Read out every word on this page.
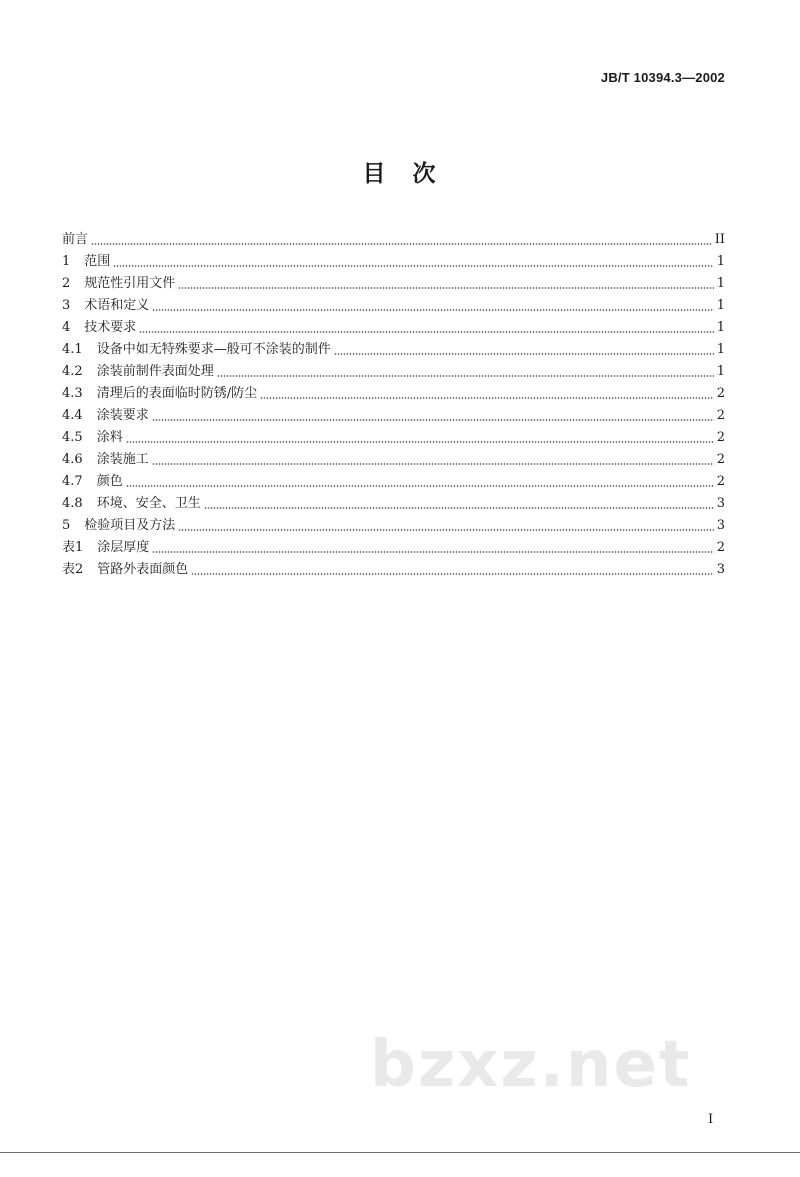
JB/T 10394.3—2002
目　次
前言	II
1 范围	1
2 规范性引用文件	1
3 术语和定义	1
4 技术要求	1
4.1 设备中如无特殊要求—般可不涂装的制件	1
4.2 涂装前制件表面处理	1
4.3 清理后的表面临时防锈/防尘	2
4.4 涂装要求	2
4.5 涂料	2
4.6 涂装施工	2
4.7 颜色	2
4.8 环境、安全、卫生	3
5 检验项目及方法	3
表1 涂层厚度	2
表2 管路外表面颜色	3
bzxz.net
I
